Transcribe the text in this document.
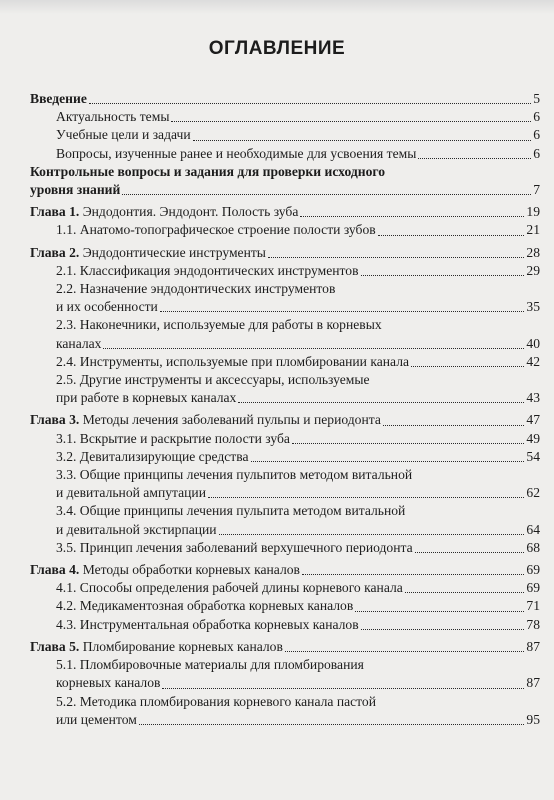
ОГЛАВЛЕНИЕ
Введение	5
Актуальность темы	6
Учебные цели и задачи	6
Вопросы, изученные ранее и необходимые для усвоения темы	6
Контрольные вопросы и задания для проверки исходного
уровня знаний	7
Глава 1. Эндодонтия. Эндодонт. Полость зуба	19
1.1. Анатомо-топографическое строение полости зубов	21
Глава 2. Эндодонтические инструменты	28
2.1. Классификация эндодонтических инструментов	29
2.2. Назначение эндодонтических инструментов
и их особенности	35
2.3. Наконечники, используемые для работы в корневых
каналах	40
2.4. Инструменты, используемые при пломбировании канала	42
2.5. Другие инструменты и аксессуары, используемые
при работе в корневых каналах	43
Глава 3. Методы лечения заболеваний пульпы и периодонта	47
3.1. Вскрытие и раскрытие полости зуба	49
3.2. Девитализирующие средства	54
3.3. Общие принципы лечения пульпитов методом витальной
и девитальной ампутации	62
3.4. Общие принципы лечения пульпита методом витальной
и девитальной экстирпации	64
3.5. Принцип лечения заболеваний верхушечного периодонта	68
Глава 4. Методы обработки корневых каналов	69
4.1. Способы определения рабочей длины корневого канала	69
4.2. Медикаментозная обработка корневых каналов	71
4.3. Инструментальная обработка корневых каналов	78
Глава 5. Пломбирование корневых каналов	87
5.1. Пломбировочные материалы для пломбирования
корневых каналов	87
5.2. Методика пломбирования корневого канала пастой
или цементом	95
